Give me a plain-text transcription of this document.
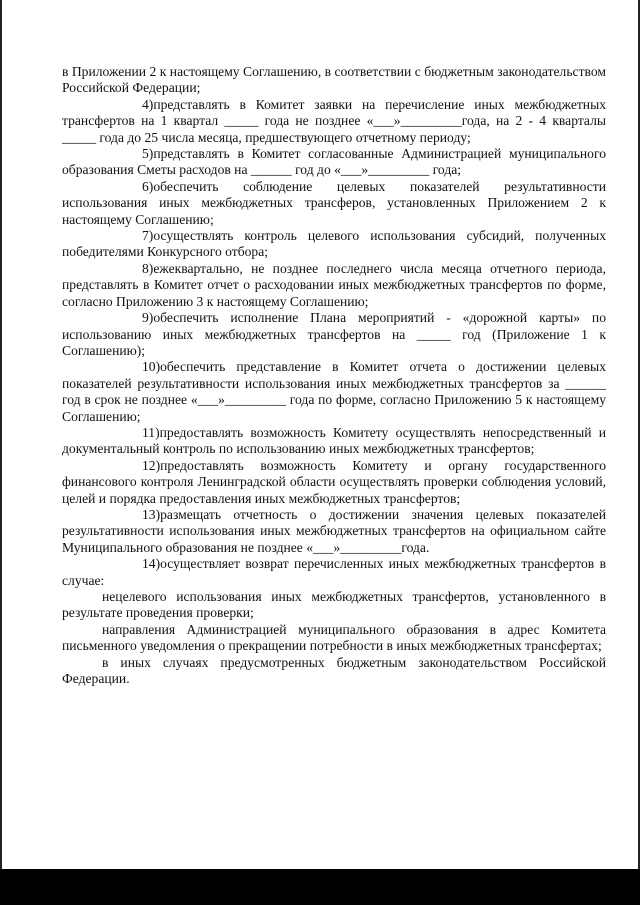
в Приложении 2 к настоящему Соглашению, в соответствии с бюджетным законодательством Российской Федерации;

4)представлять в Комитет заявки на перечисление иных межбюджетных трансфертов на 1 квартал _____ года не позднее «___»_________года, на 2 - 4 кварталы _____ года до 25 числа месяца, предшествующего отчетному периоду;

5)представлять в Комитет согласованные Администрацией муниципального образования Сметы расходов на ______ год до «___»_________ года;

6)обеспечить соблюдение целевых показателей результативности использования иных межбюджетных трансферов, установленных Приложением 2 к настоящему Соглашению;

7)осуществлять контроль целевого использования субсидий, полученных победителями Конкурсного отбора;

8)ежеквартально, не позднее последнего числа месяца отчетного периода, представлять в Комитет отчет о расходовании иных межбюджетных трансфертов по форме, согласно Приложению 3 к настоящему Соглашению;

9)обеспечить исполнение Плана мероприятий - «дорожной карты» по использованию иных межбюджетных трансфертов на _____ год (Приложение 1 к Соглашению);

10)обеспечить представление в Комитет отчета о достижении целевых показателей результативности использования иных межбюджетных трансфертов за ______ год в срок не позднее «___»_________ года по форме, согласно Приложению 5 к настоящему Соглашению;

11)предоставлять возможность Комитету осуществлять непосредственный и документальный контроль по использованию иных межбюджетных трансфертов;

12)предоставлять возможность Комитету и органу государственного финансового контроля Ленинградской области осуществлять проверки соблюдения условий, целей и порядка предоставления иных межбюджетных трансфертов;

13)размещать отчетность о достижении значения целевых показателей результативности использования иных межбюджетных трансфертов на официальном сайте Муниципального образования не позднее «___»_________года.

14)осуществляет возврат перечисленных иных межбюджетных трансфертов в случае:

нецелевого использования иных межбюджетных трансфертов, установленного в результате проведения проверки;

направления Администрацией муниципального образования в адрес Комитета письменного уведомления о прекращении потребности в иных межбюджетных трансфертах;

в иных случаях предусмотренных бюджетным законодательством Российской Федерации.
